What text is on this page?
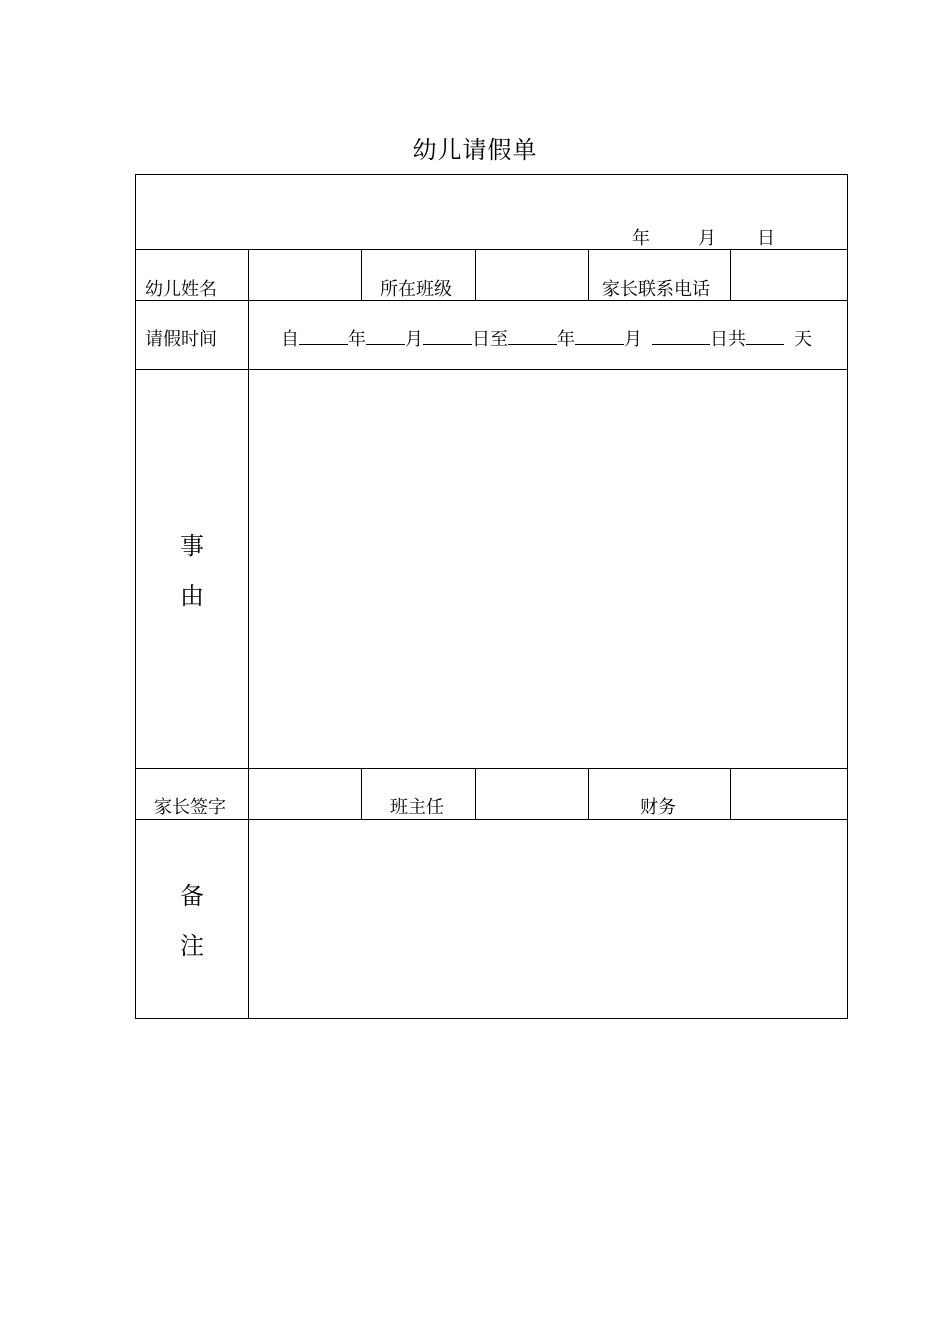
幼儿请假单
年	月 日
幼儿姓名	所在班级	家长联系电话
请假时间	自	年 月	日至	年	月	日共	天
事
由
家长签字	班主任	财务
备
注
